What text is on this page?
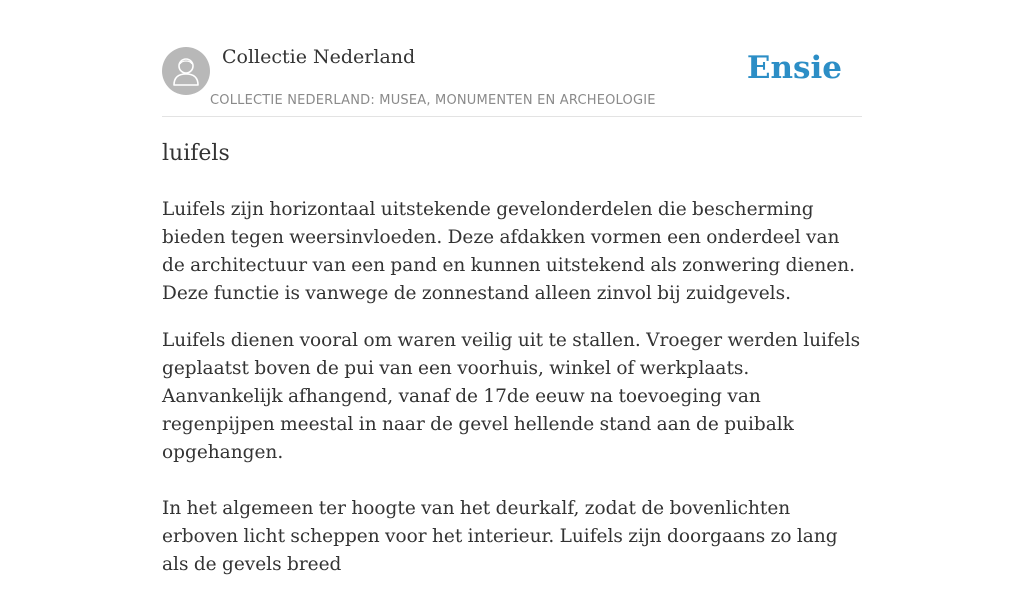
Collectie Nederland
COLLECTIE NEDERLAND: MUSEA, MONUMENTEN EN ARCHEOLOGIE
Ensie
luifels

Luifels zijn horizontaal uitstekende gevelonderdelen die bescherming bieden tegen weersinvloeden. Deze afdakken vormen een onderdeel van de architectuur van een pand en kunnen uitstekend als zonwering dienen. Deze functie is vanwege de zonnestand alleen zinvol bij zuidgevels.

Luifels dienen vooral om waren veilig uit te stallen. Vroeger werden luifels geplaatst boven de pui van een voorhuis, winkel of werkplaats. Aanvankelijk afhangend, vanaf de 17de eeuw na toevoeging van regenpijpen meestal in naar de gevel hellende stand aan de puibalk opgehangen.

In het algemeen ter hoogte van het deurkalf, zodat de bovenlichten erboven licht scheppen voor het interieur. Luifels zijn doorgaans zo lang als de gevels breed
